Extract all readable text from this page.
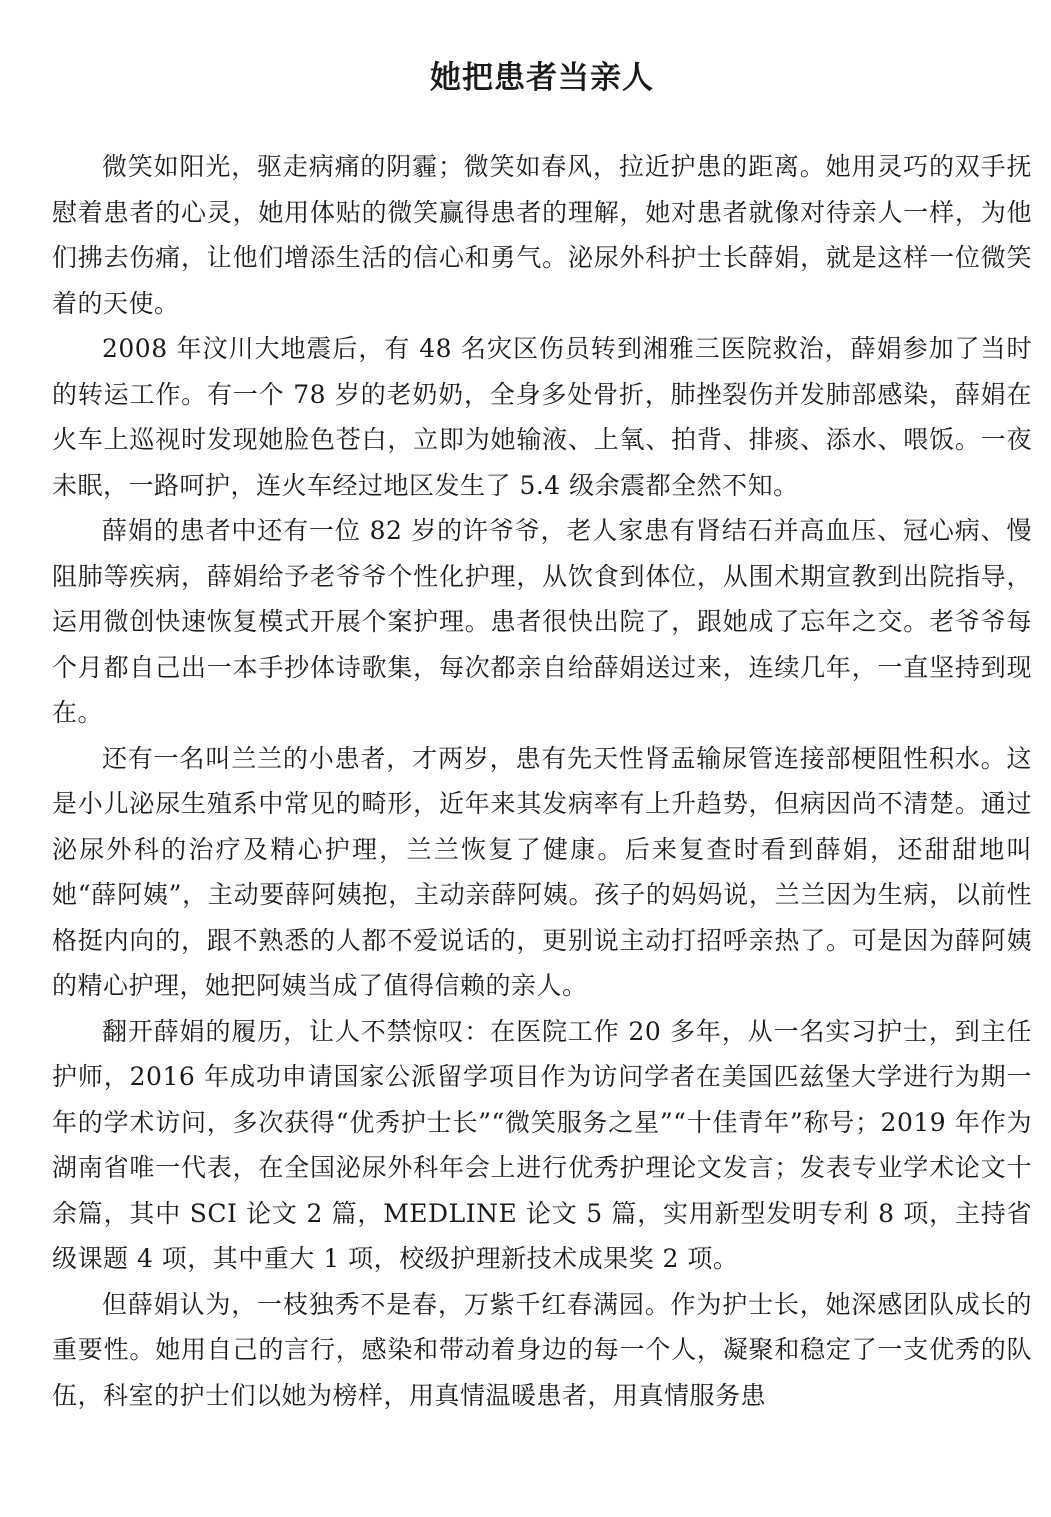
她把患者当亲人

微笑如阳光，驱走病痛的阴霾；微笑如春风，拉近护患的距离。她用灵巧的双手抚慰着患者的心灵，她用体贴的微笑赢得患者的理解，她对患者就像对待亲人一样，为他们拂去伤痛，让他们增添生活的信心和勇气。泌尿外科护士长薛娟，就是这样一位微笑着的天使。

2008 年汶川大地震后，有 48 名灾区伤员转到湘雅三医院救治，薛娟参加了当时的转运工作。有一个 78 岁的老奶奶，全身多处骨折，肺挫裂伤并发肺部感染，薛娟在火车上巡视时发现她脸色苍白，立即为她输液、上氧、拍背、排痰、添水、喂饭。一夜未眠，一路呵护，连火车经过地区发生了 5.4 级余震都全然不知。

薛娟的患者中还有一位 82 岁的许爷爷，老人家患有肾结石并高血压、冠心病、慢阻肺等疾病，薛娟给予老爷爷个性化护理，从饮食到体位，从围术期宣教到出院指导，运用微创快速恢复模式开展个案护理。患者很快出院了，跟她成了忘年之交。老爷爷每个月都自己出一本手抄体诗歌集，每次都亲自给薛娟送过来，连续几年，一直坚持到现在。

还有一名叫兰兰的小患者，才两岁，患有先天性肾盂输尿管连接部梗阻性积水。这是小儿泌尿生殖系中常见的畸形，近年来其发病率有上升趋势，但病因尚不清楚。通过泌尿外科的治疗及精心护理，兰兰恢复了健康。后来复查时看到薛娟，还甜甜地叫她“薛阿姨”，主动要薛阿姨抱，主动亲薛阿姨。孩子的妈妈说，兰兰因为生病，以前性格挺内向的，跟不熟悉的人都不爱说话的，更别说主动打招呼亲热了。可是因为薛阿姨的精心护理，她把阿姨当成了值得信赖的亲人。

翻开薛娟的履历，让人不禁惊叹：在医院工作 20 多年，从一名实习护士，到主任护师，2016 年成功申请国家公派留学项目作为访问学者在美国匹兹堡大学进行为期一年的学术访问，多次获得“优秀护士长”“微笑服务之星”“十佳青年”称号；2019 年作为湖南省唯一代表，在全国泌尿外科年会上进行优秀护理论文发言；发表专业学术论文十余篇，其中 SCI 论文 2 篇，MEDLINE 论文 5 篇，实用新型发明专利 8 项，主持省级课题 4 项，其中重大 1 项，校级护理新技术成果奖 2 项。

但薛娟认为，一枝独秀不是春，万紫千红春满园。作为护士长，她深感团队成长的重要性。她用自己的言行，感染和带动着身边的每一个人，凝聚和稳定了一支优秀的队伍，科室的护士们以她为榜样，用真情温暖患者，用真情服务患
